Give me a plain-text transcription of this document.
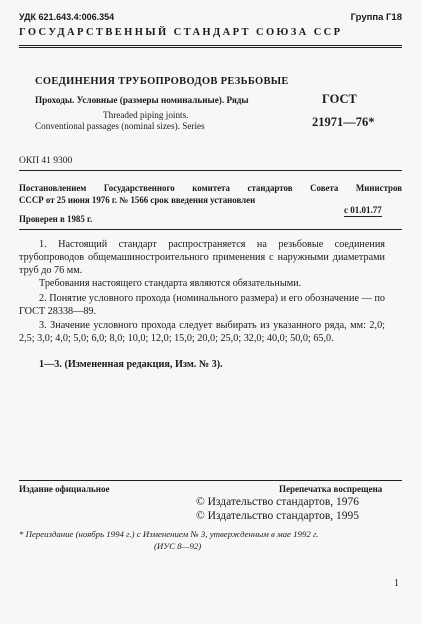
УДК 621.643.4:006.354	Группа Г18
ГОСУДАРСТВЕННЫЙ СТАНДАРТ СОЮЗА ССР
СОЕДИНЕНИЯ ТРУБОПРОВОДОВ РЕЗЬБОВЫЕ
Проходы. Условные (размеры номинальные). Ряды
Threaded piping joints.
Conventional passages (nominal sizes). Series
ГОСТ
21971—76*
ОКП 41 9300
Постановлением Государственного комитета стандартов Совета Министров
СССР от 25 июня 1976 г. № 1566 срок введения установлен
с 01.01.77
Проверен в 1985 г.
1. Настоящий стандарт распространяется на резьбовые соединения трубопроводов общемашиностроительного применения с наружными диаметрами труб до 76 мм.
Требования настоящего стандарта являются обязательными.
2. Понятие условного прохода (номинального размера) и его обозначение — по ГОСТ 28338—89.
3. Значение условного прохода следует выбирать из указанного ряда, мм: 2,0; 2,5; 3,0; 4,0; 5,0; 6,0; 8,0; 10,0; 12,0; 15,0; 20,0; 25,0; 32,0; 40,0; 50,0; 65,0.
1—3. (Измененная редакция, Изм. № 3).
Издание официальное	Перепечатка воспрещена
© Издательство стандартов, 1976
© Издательство стандартов, 1995
* Переиздание (ноябрь 1994 г.) с Изменением № 3, утвержденным в мае 1992 г.
(ИУС 8—92)
1
